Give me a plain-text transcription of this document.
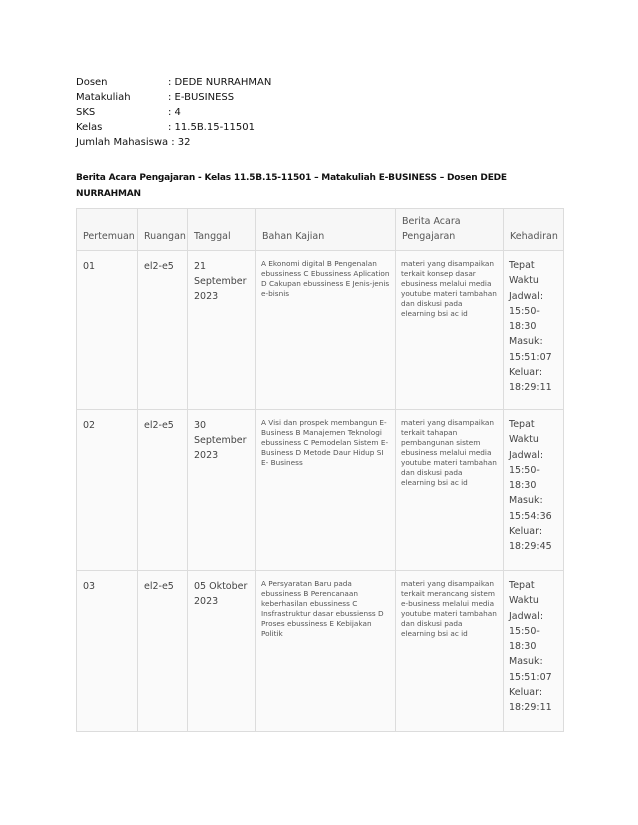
Dosen	: DEDE NURRAHMAN
Matakuliah	: E-BUSINESS
SKS	: 4
Kelas	: 11.5B.15-11501
Jumlah Mahasiswa : 32
Berita Acara Pengajaran - Kelas 11.5B.15-11501 – Matakuliah E-BUSINESS – Dosen DEDE NURRAHMAN
Pertemuan	Ruangan	Tanggal	Bahan Kajian	Berita Acara Pengajaran	Kehadiran
01	el2-e5	21 September 2023	A Ekonomi digital B Pengenalan ebussiness C Ebussiness Aplication D Cakupan ebussiness E Jenis-jenis e-bisnis	materi yang disampaikan terkait konsep dasar ebusiness melalui media youtube materi tambahan dan diskusi pada elearning bsi ac id	Tepat Waktu Jadwal: 15:50-18:30 Masuk: 15:51:07 Keluar: 18:29:11
02	el2-e5	30 September 2023	A Visi dan prospek membangun E- Business B Manajemen Teknologi ebussiness C Pemodelan Sistem E- Business D Metode Daur Hidup SI E- Business	materi yang disampaikan terkait tahapan pembangunan sistem ebusiness melalui media youtube materi tambahan dan diskusi pada elearning bsi ac id	Tepat Waktu Jadwal: 15:50-18:30 Masuk: 15:54:36 Keluar: 18:29:45
03	el2-e5	05 Oktober 2023	A Persyaratan Baru pada ebussiness B Perencanaan keberhasilan ebussiness C Insfrastruktur dasar ebussienss D Proses ebussiness E Kebijakan Politik	materi yang disampaikan terkait merancang sistem e-business melalui media youtube materi tambahan dan diskusi pada elearning bsi ac id	Tepat Waktu Jadwal: 15:50-18:30 Masuk: 15:51:07 Keluar: 18:29:11
